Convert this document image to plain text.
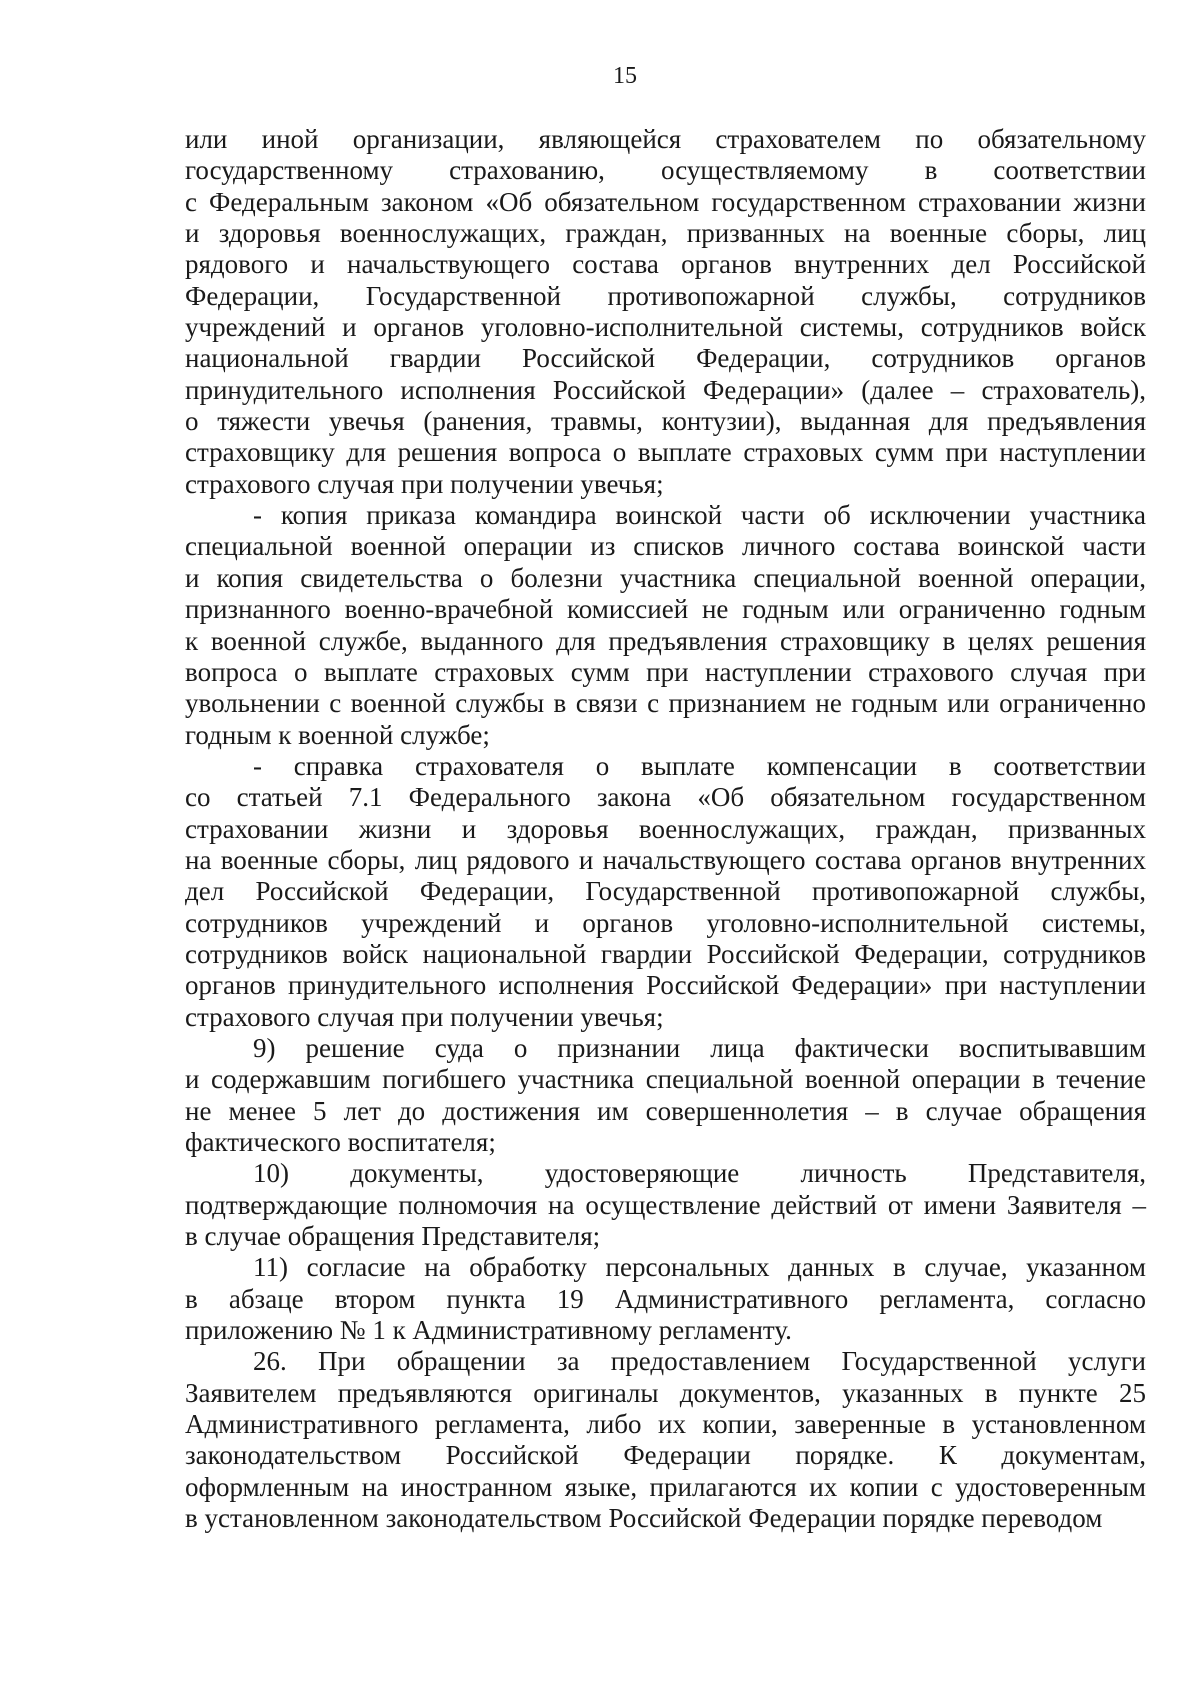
15
или иной организации, являющейся страхователем по обязательному
государственному страхованию, осуществляемому в соответствии
с Федеральным законом «Об обязательном государственном страховании жизни
и здоровья военнослужащих, граждан, призванных на военные сборы, лиц
рядового и начальствующего состава органов внутренних дел Российской
Федерации, Государственной противопожарной службы, сотрудников
учреждений и органов уголовно-исполнительной системы, сотрудников войск
национальной гвардии Российской Федерации, сотрудников органов
принудительного исполнения Российской Федерации» (далее – страхователь),
о тяжести увечья (ранения, травмы, контузии), выданная для предъявления
страховщику для решения вопроса о выплате страховых сумм при наступлении
страхового случая при получении увечья;
- копия приказа командира воинской части об исключении участника
специальной военной операции из списков личного состава воинской части
и копия свидетельства о болезни участника специальной военной операции,
признанного военно-врачебной комиссией не годным или ограниченно годным
к военной службе, выданного для предъявления страховщику в целях решения
вопроса о выплате страховых сумм при наступлении страхового случая при
увольнении с военной службы в связи с признанием не годным или ограниченно
годным к военной службе;
- справка страхователя о выплате компенсации в соответствии
со статьей 7.1 Федерального закона «Об обязательном государственном
страховании жизни и здоровья военнослужащих, граждан, призванных
на военные сборы, лиц рядового и начальствующего состава органов внутренних
дел Российской Федерации, Государственной противопожарной службы,
сотрудников учреждений и органов уголовно-исполнительной системы,
сотрудников войск национальной гвардии Российской Федерации, сотрудников
органов принудительного исполнения Российской Федерации» при наступлении
страхового случая при получении увечья;
9) решение суда о признании лица фактически воспитывавшим
и содержавшим погибшего участника специальной военной операции в течение
не менее 5 лет до достижения им совершеннолетия – в случае обращения
фактического воспитателя;
10) документы, удостоверяющие личность Представителя,
подтверждающие полномочия на осуществление действий от имени Заявителя –
в случае обращения Представителя;
11) согласие на обработку персональных данных в случае, указанном
в абзаце втором пункта 19 Административного регламента, согласно
приложению № 1 к Административному регламенту.
26. При обращении за предоставлением Государственной услуги
Заявителем предъявляются оригиналы документов, указанных в пункте 25
Административного регламента, либо их копии, заверенные в установленном
законодательством Российской Федерации порядке. К документам,
оформленным на иностранном языке, прилагаются их копии с удостоверенным
в установленном законодательством Российской Федерации порядке переводом
